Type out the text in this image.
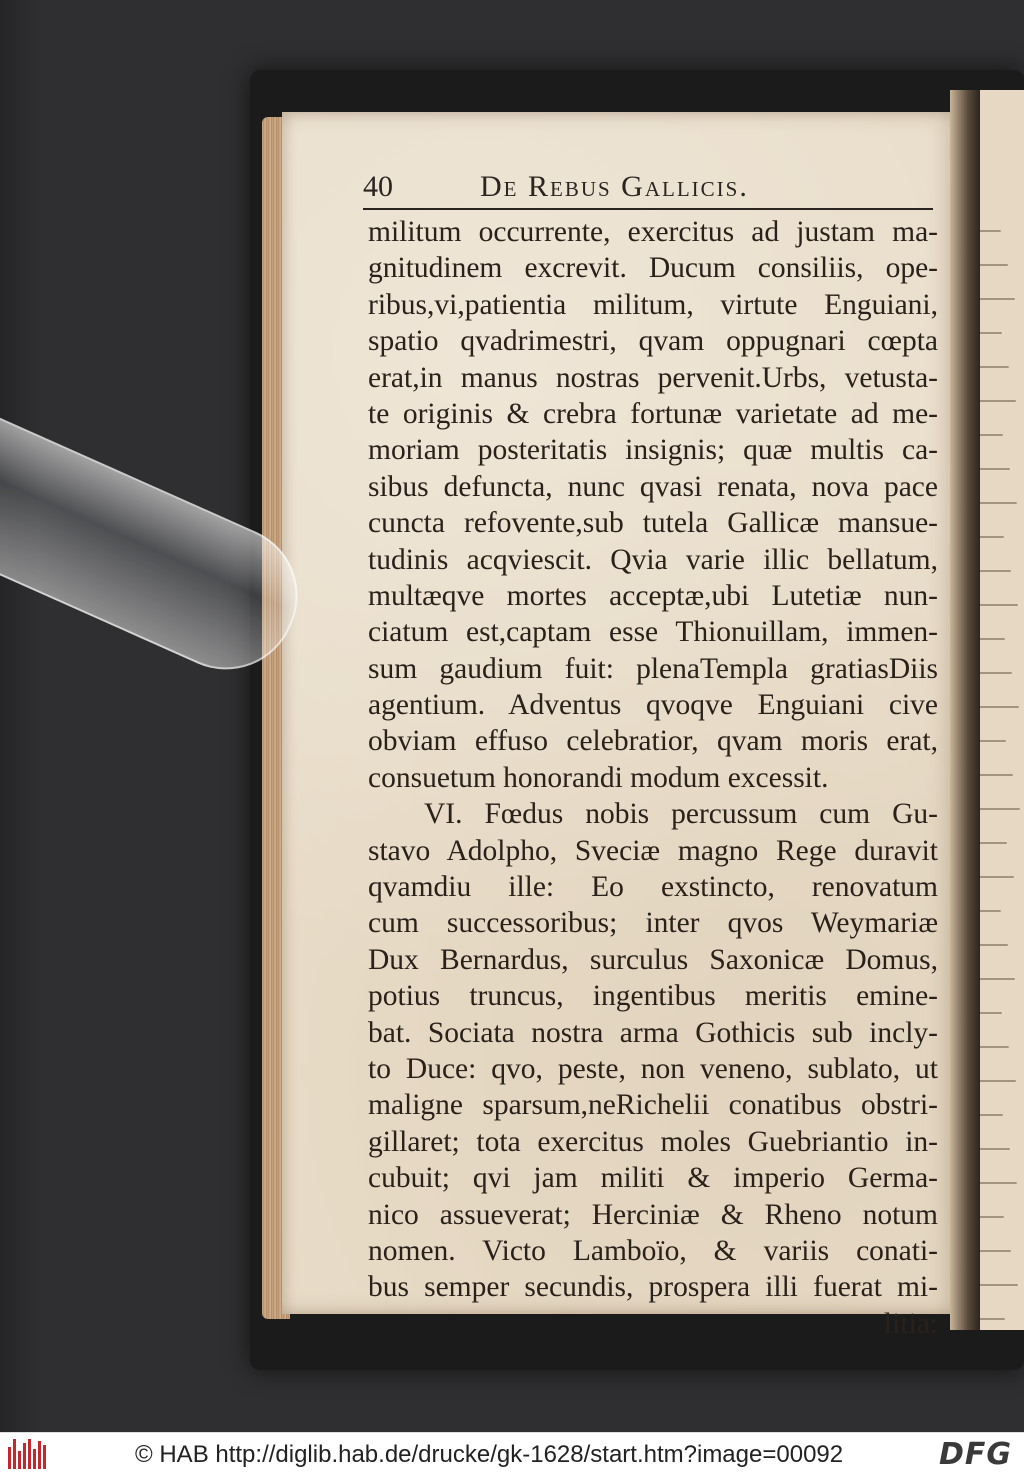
40	De Rebus Gallicis.
militum occurrente, exercitus ad justam ma-
gnitudinem excrevit. Ducum consiliis, ope-
ribus,vi,patientia militum, virtute Enguiani,
spatio qvadrimestri, qvam oppugnari cœpta
erat,in manus nostras pervenit.Urbs, vetusta-
te originis & crebra fortunæ varietate ad me-
moriam posteritatis insignis; quæ multis ca-
sibus defuncta, nunc qvasi renata, nova pace
cuncta refovente,sub tutela Gallicæ mansue-
tudinis acqviescit. Qvia varie illic bellatum,
multæqve mortes acceptæ,ubi Lutetiæ nun-
ciatum est,captam esse Thionuillam, immen-
sum gaudium fuit: plenaTempla gratiasDiis
agentium. Adventus qvoqve Enguiani cive
obviam effuso celebratior, qvam moris erat,
consuetum honorandi modum excessit.
VI. Fœdus nobis percussum cum Gu-
stavo Adolpho, Sveciæ magno Rege duravit
qvamdiu ille: Eo exstincto, renovatum
cum successoribus; inter qvos Weymariæ
Dux Bernardus, surculus Saxonicæ Domus,
potius truncus, ingentibus meritis emine-
bat. Sociata nostra arma Gothicis sub incly-
to Duce: qvo, peste, non veneno, sublato, ut
maligne sparsum,neRichelii conatibus obstri-
gillaret; tota exercitus moles Guebriantio in-
cubuit; qvi jam militi & imperio Germa-
nico assueverat; Herciniæ & Rheno notum
nomen. Victo Lamboïo, & variis conati-
bus semper secundis, prospera illi fuerat mi-
litia:
© HAB http://diglib.hab.de/drucke/gk-1628/start.htm?image=00092	DFG
